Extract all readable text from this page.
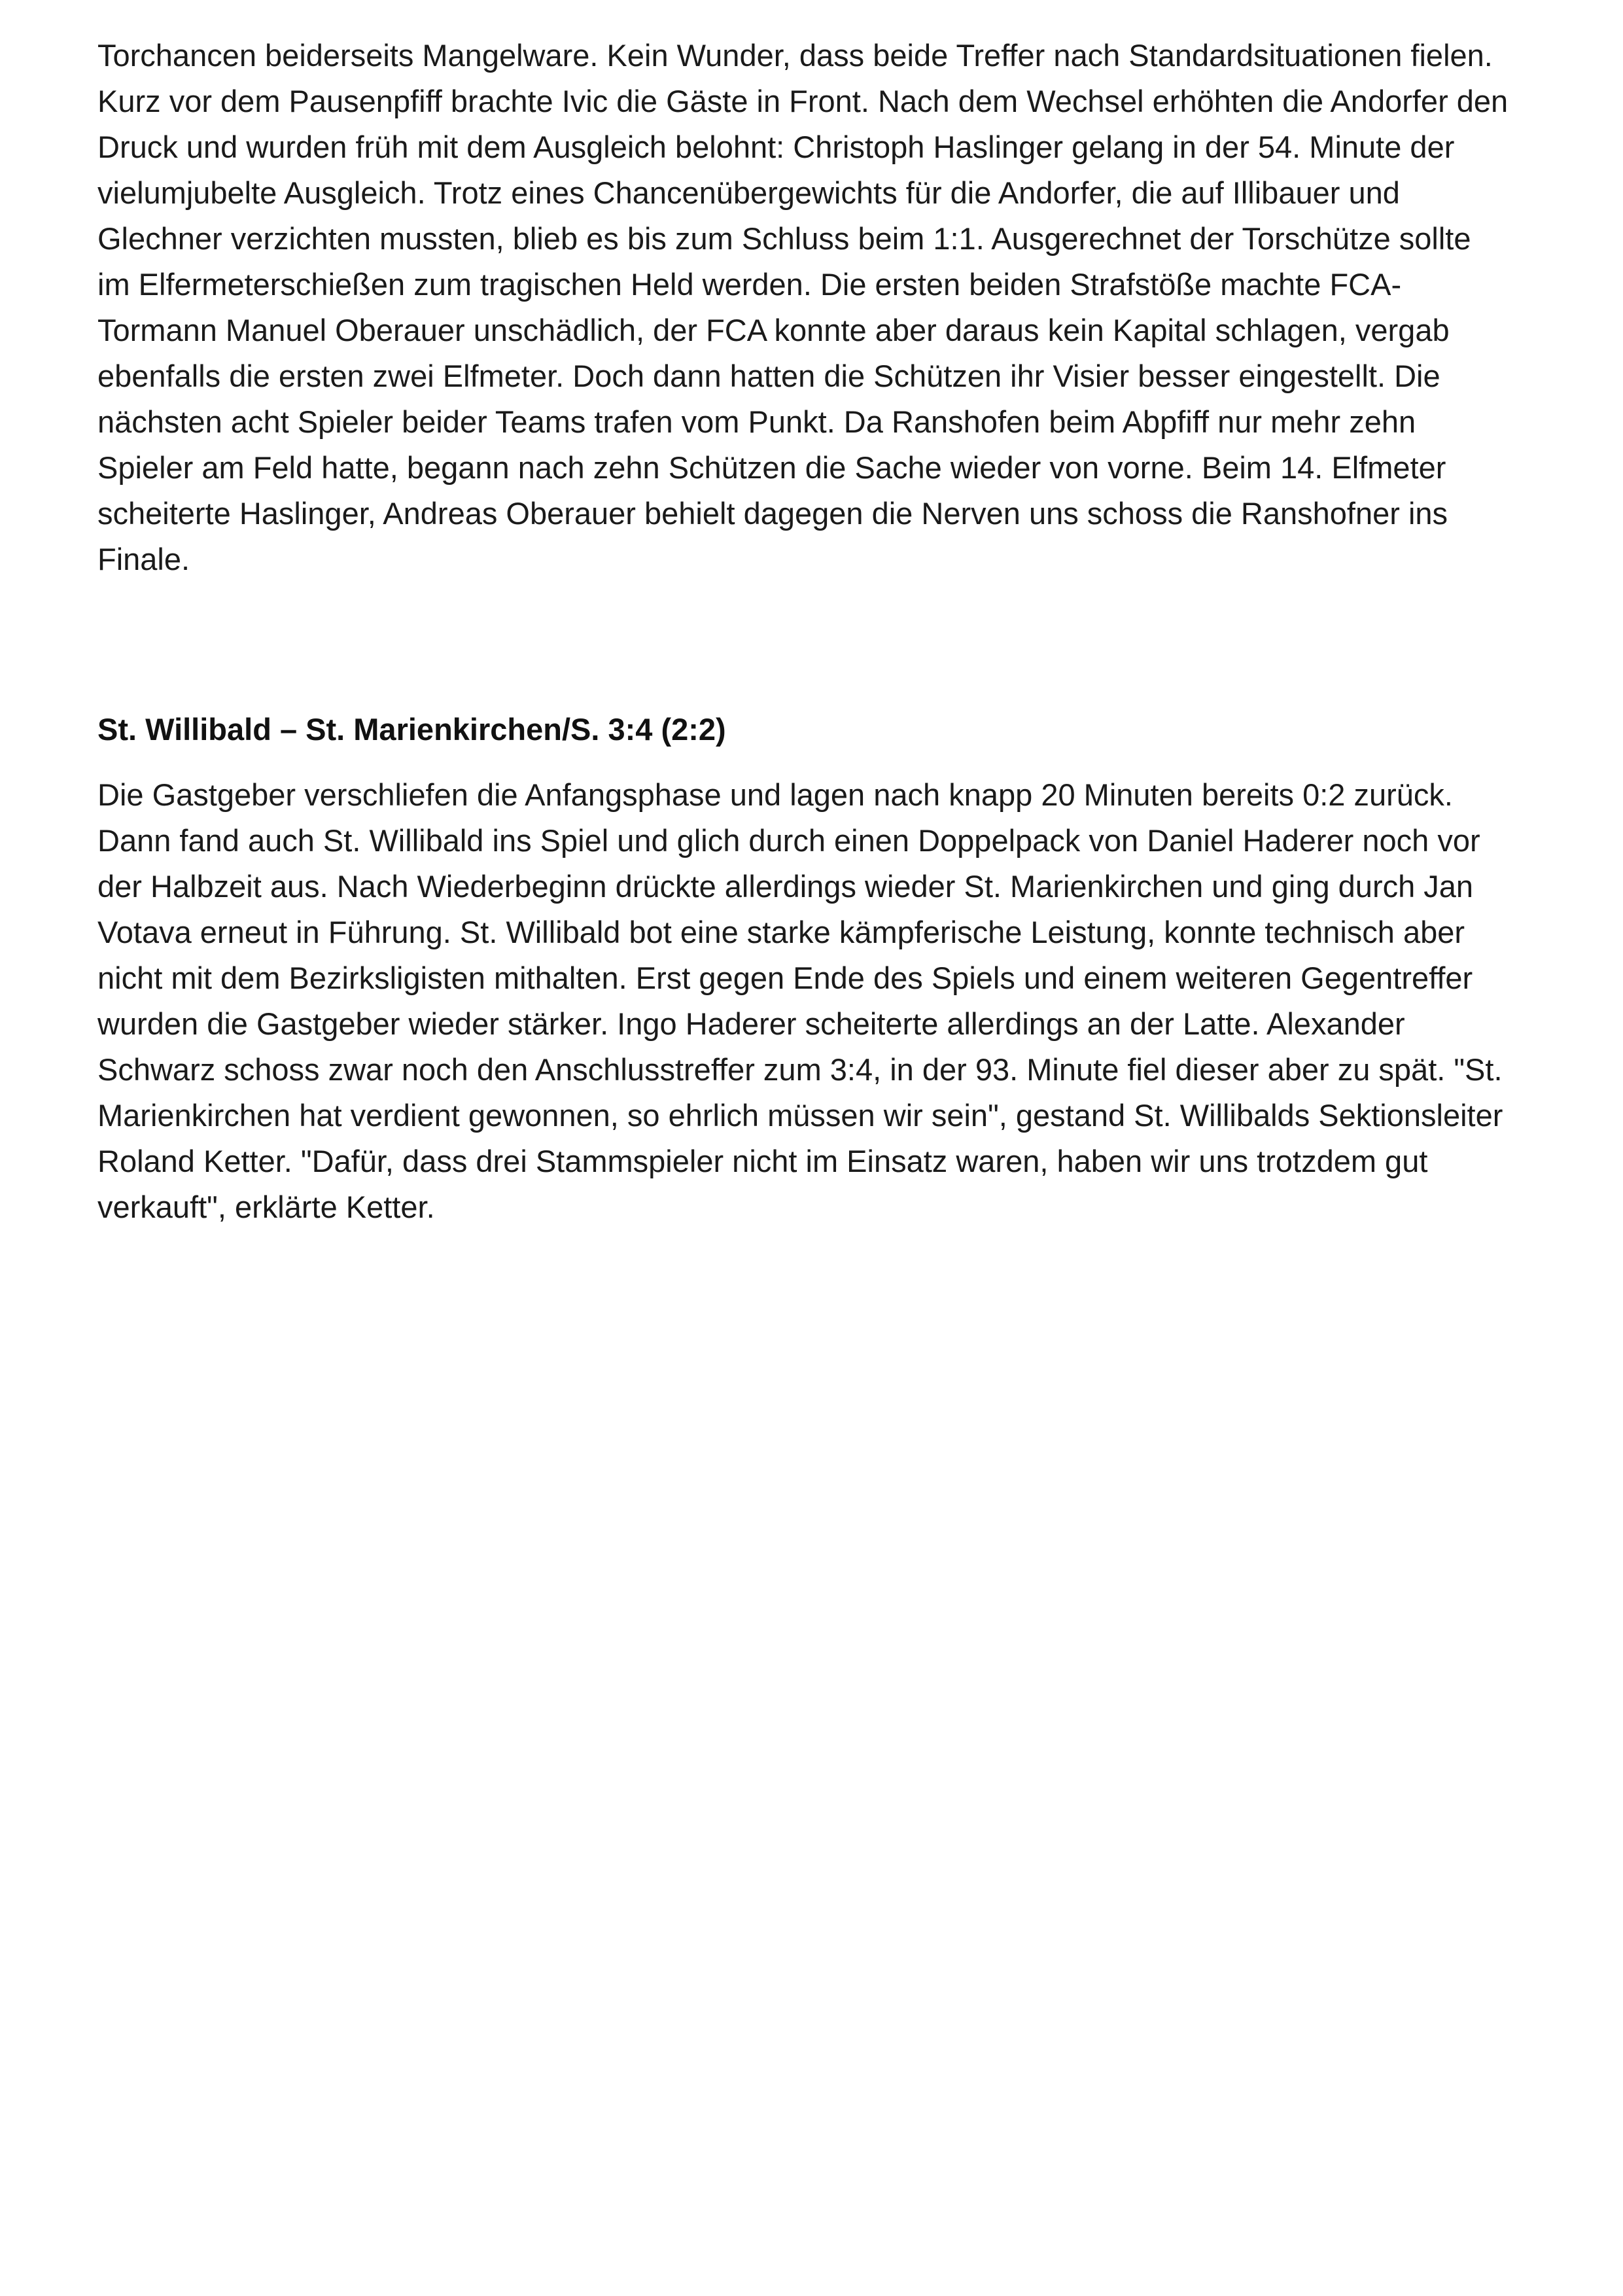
Torchancen beiderseits Mangelware. Kein Wunder, dass beide Treffer nach Standardsituationen fielen.
Kurz vor dem Pausenpfiff brachte Ivic die Gäste in Front. Nach dem Wechsel erhöhten die Andorfer den
Druck und wurden früh mit dem Ausgleich belohnt: Christoph Haslinger gelang in der 54. Minute der
vielumjubelte Ausgleich. Trotz eines Chancenübergewichts für die Andorfer, die auf Illibauer und
Glechner verzichten mussten, blieb es bis zum Schluss beim 1:1. Ausgerechnet der Torschütze sollte
im Elfermeterschießen zum tragischen Held werden. Die ersten beiden Strafstöße machte FCA-
Tormann Manuel Oberauer unschädlich, der FCA konnte aber daraus kein Kapital schlagen, vergab
ebenfalls die ersten zwei Elfmeter. Doch dann hatten die Schützen ihr Visier besser eingestellt. Die
nächsten acht Spieler beider Teams trafen vom Punkt. Da Ranshofen beim Abpfiff nur mehr zehn
Spieler am Feld hatte, begann nach zehn Schützen die Sache wieder von vorne. Beim 14. Elfmeter
scheiterte Haslinger, Andreas Oberauer behielt dagegen die Nerven uns schoss die Ranshofner ins
Finale.

St. Willibald – St. Marienkirchen/S. 3:4 (2:2)

Die Gastgeber verschliefen die Anfangsphase und lagen nach knapp 20 Minuten bereits 0:2 zurück.
Dann fand auch St. Willibald ins Spiel und glich durch einen Doppelpack von Daniel Haderer noch vor
der Halbzeit aus. Nach Wiederbeginn drückte allerdings wieder St. Marienkirchen und ging durch Jan
Votava erneut in Führung. St. Willibald bot eine starke kämpferische Leistung, konnte technisch aber
nicht mit dem Bezirksligisten mithalten. Erst gegen Ende des Spiels und einem weiteren Gegentreffer
wurden die Gastgeber wieder stärker. Ingo Haderer scheiterte allerdings an der Latte. Alexander
Schwarz schoss zwar noch den Anschlusstreffer zum 3:4, in der 93. Minute fiel dieser aber zu spät. "St.
Marienkirchen hat verdient gewonnen, so ehrlich müssen wir sein", gestand St. Willibalds Sektionsleiter
Roland Ketter. "Dafür, dass drei Stammspieler nicht im Einsatz waren, haben wir uns trotzdem gut
verkauft", erklärte Ketter.
